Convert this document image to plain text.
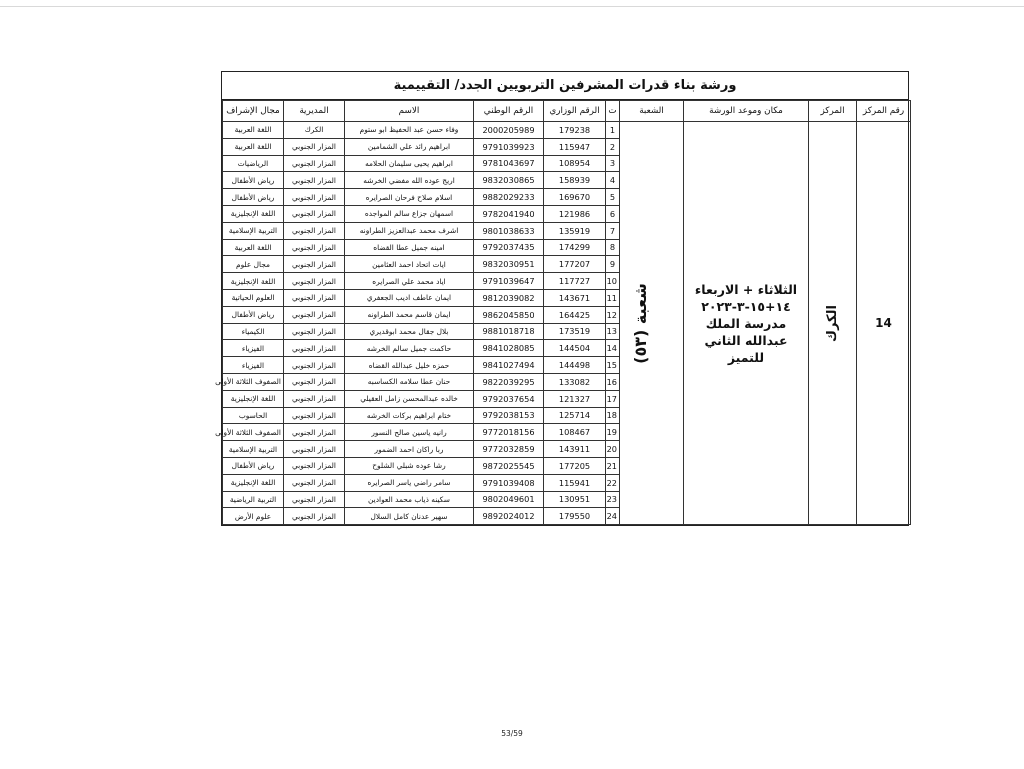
ورشة بناء قدرات المشرفين التربويين الجدد/ التقييمية
رقم المركز	المركز	مكان وموعد الورشة	الشعبة	ت	الرقم الوزاري	الرقم الوطني	الاسم	المديرية	مجال الإشراف
14	الكرك	الثلاثاء + الاربعاء
١٤+١٥-٣-٢٠٢٣
مدرسة الملك عبدالله الثاني
للتميز	شعبة (٥٣)	1	179238	2000205989	وفاء حسن عبد الحفيظ ابو ستوم	الكرك	اللغة العربية
				2	115947	9791039923	ابراهيم رائد علي الشمامين	المزار الجنوبي	اللغة العربية
				3	108954	9781043697	ابراهيم يحيى سليمان الحلامه	المزار الجنوبي	الرياضيات
				4	158939	9832030865	اريج عوده الله مفضي الخرشه	المزار الجنوبي	رياض الأطفال
				5	169670	9882029233	اسلام صلاح فرحان الصرايره	المزار الجنوبي	رياض الأطفال
				6	121986	9782041940	اسمهان جزاع سالم المواجده	المزار الجنوبي	اللغة الإنجليزية
				7	135919	9801038633	اشرف محمد عبدالعزيز الطراونه	المزار الجنوبي	التربية الإسلامية
				8	174299	9792037435	امينه جميل عطا القضاه	المزار الجنوبي	اللغة العربية
				9	177207	9832030951	ايات اتحاد احمد العثامين	المزار الجنوبي	مجال علوم
				10	117727	9791039647	اياد محمد علي الصرايره	المزار الجنوبي	اللغة الإنجليزية
				11	143671	9812039082	ايمان عاطف اديب الجعفري	المزار الجنوبي	العلوم الحياتية
				12	164425	9862045850	ايمان قاسم محمد الطراونه	المزار الجنوبي	رياض الأطفال
				13	173519	9881018718	بلال جقال محمد ابوقديري	المزار الجنوبي	الكيمياء
				14	144504	9841028085	حاكمت جميل سالم الخرشه	المزار الجنوبي	الفيزياء
				15	144498	9841027494	حمزه خليل عبدالله القضاه	المزار الجنوبي	الفيزياء
				16	133082	9822039295	حنان عطا سلامه الكساسبه	المزار الجنوبي	الصفوف الثلاثة الأولى
				17	121327	9792037654	خالده عبدالمحسن زامل العقيلي	المزار الجنوبي	اللغة الإنجليزية
				18	125714	9792038153	ختام ابراهيم بركات الخرشه	المزار الجنوبي	الحاسوب
				19	108467	9772018156	رانيه ياسين صالح النسور	المزار الجنوبي	الصفوف الثلاثة الأولى
				20	143911	9772032859	ربا راكان احمد الضمور	المزار الجنوبي	التربية الإسلامية
				21	177205	9872025545	رشا عوده شبلي الشلوح	المزار الجنوبي	رياض الأطفال
				22	115941	9791039408	سامر راضي ياسر الصرايره	المزار الجنوبي	اللغة الإنجليزية
				23	130951	9802049601	سكينه ذياب محمد العوادين	المزار الجنوبي	التربية الرياضية
				24	179550	9892024012	سهير عدنان كامل السلال	المزار الجنوبي	علوم الأرض
53/59
